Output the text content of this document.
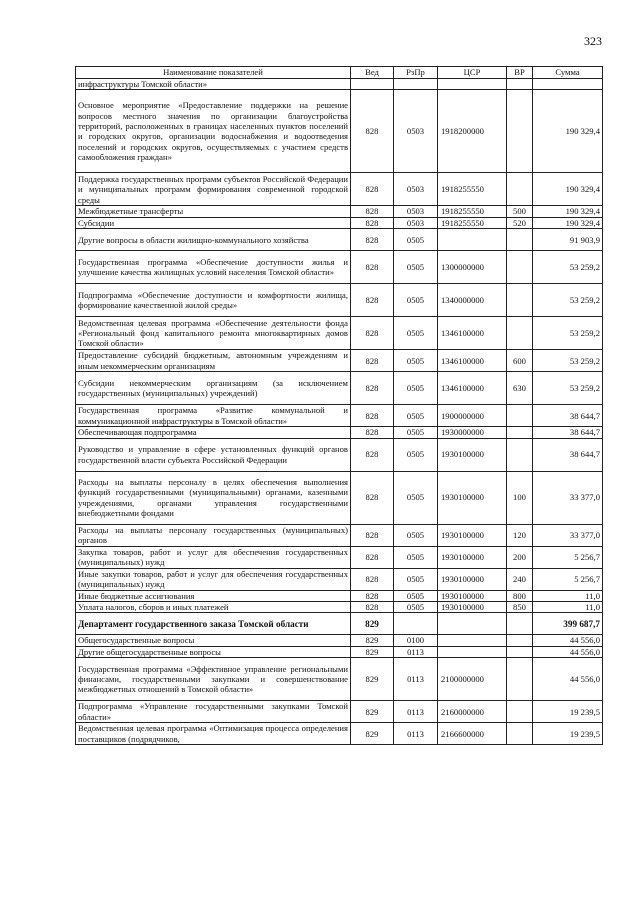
323
Наименование показателей	Вед	РзПр	ЦСР	ВР	Сумма
инфраструктуры Томской области»					
Основное мероприятие «Предоставление поддержки на решение вопросов местного значения по организации благоустройства территорий, расположенных в границах населенных пунктов поселений и городских округов, организации водоснабжения и водоотведения поселений и городских округов, осуществляемых с участием средств самообложения граждан»	828	0503	1918200000		190 329,4
Поддержка государственных программ субъектов Российской Федерации и муниципальных программ формирования современной городской среды	828	0503	1918255550		190 329,4
Межбюджетные трансферты	828	0503	1918255550	500	190 329,4
Субсидии	828	0503	1918255550	520	190 329,4
Другие вопросы в области жилищно-коммунального хозяйства	828	0505			91 903,9
Государственная программа «Обеспечение доступности жилья и улучшение качества жилищных условий населения Томской области»	828	0505	1300000000		53 259,2
Подпрограмма «Обеспечение доступности и комфортности жилища, формирование качественной жилой среды»	828	0505	1340000000		53 259,2
Ведомственная целевая программа «Обеспечение деятельности фонда «Региональный фонд капитального ремонта многоквартирных домов Томской области»	828	0505	1346100000		53 259,2
Предоставление субсидий бюджетным, автономным учреждениям и иным некоммерческим организациям	828	0505	1346100000	600	53 259,2
Субсидии некоммерческим организациям (за исключением государственных (муниципальных) учреждений)	828	0505	1346100000	630	53 259,2
Государственная программа «Развитие коммунальной и коммуникационной инфраструктуры в Томской области»	828	0505	1900000000		38 644,7
Обеспечивающая подпрограмма	828	0505	1930000000		38 644,7
Руководство и управление в сфере установленных функций органов государственной власти субъекта Российской Федерации	828	0505	1930100000		38 644,7
Расходы на выплаты персоналу в целях обеспечения выполнения функций государственными (муниципальными) органами, казенными учреждениями, органами управления государственными внебюджетными фондами	828	0505	1930100000	100	33 377,0
Расходы на выплаты персоналу государственных (муниципальных) органов	828	0505	1930100000	120	33 377,0
Закупка товаров, работ и услуг для обеспечения государственных (муниципальных) нужд	828	0505	1930100000	200	5 256,7
Иные закупки товаров, работ и услуг для обеспечения государственных (муниципальных) нужд	828	0505	1930100000	240	5 256,7
Иные бюджетные ассигнования	828	0505	1930100000	800	11,0
Уплата налогов, сборов и иных платежей	828	0505	1930100000	850	11,0
Департамент государственного заказа Томской области	829				399 687,7
Общегосударственные вопросы	829	0100			44 556,0
Другие общегосударственные вопросы	829	0113			44 556,0
Государственная программа «Эффективное управление региональными финансами, государственными закупками и совершенствование межбюджетных отношений в Томской области»	829	0113	2100000000		44 556,0
Подпрограмма «Управление государственными закупками Томской области»	829	0113	2160000000		19 239,5
Ведомственная целевая программа «Оптимизация процесса определения поставщиков (подрядчиков,	829	0113	2166600000		19 239,5
